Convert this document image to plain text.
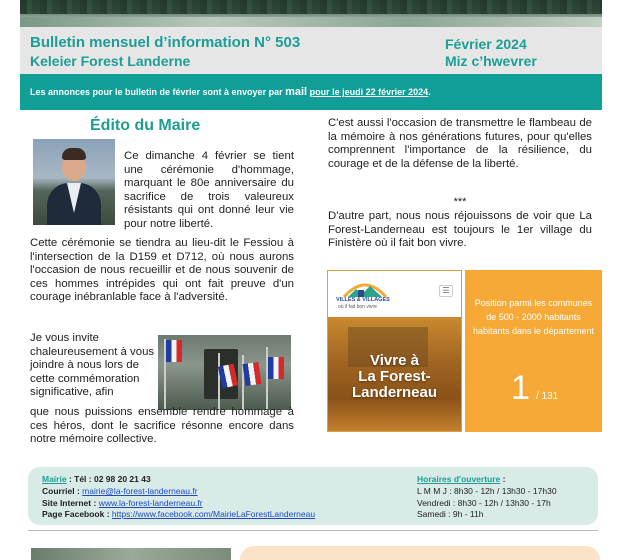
Bulletin mensuel d’information N° 503
Keleier Forest Landerne
Février 2024
Miz c’hwevrer
Les annonces pour le bulletin de février sont à envoyer par mail pour le jeudi 22 février 2024.
Édito du Maire
Ce dimanche 4 février se tient une cérémonie d'hommage, marquant le 80e anniversaire du sacrifice de trois valeureux résistants qui ont donné leur vie pour notre liberté.
Cette cérémonie se tiendra au lieu-dit le Fessiou à l'intersection de la D159 et D712, où nous aurons l'occasion de nous recueillir et de nous souvenir de ces hommes intrépides qui ont fait preuve d'un courage inébranlable face à l'adversité.
Je vous invite chaleureusement à vous joindre à nous lors de cette commémoration significative, afin
que nous puissions ensemble rendre hommage à ces héros, dont le sacrifice résonne encore dans notre mémoire collective.
C'est aussi l'occasion de transmettre le flambeau de la mémoire à nos générations futures, pour qu'elles comprennent l'importance de la résilience, du courage et de la défense de la liberté.
***
D'autre part, nous nous réjouissons de voir que La Forest-Landerneau est toujours le 1er village du Finistère où il fait bon vivre.
VILLES & VILLAGES
où il fait bon vivre
☰
Vivre à
La Forest-
Landerneau
Position parmi les communes de 500 - 2000 habitants habitants dans le département
1 / 131
Mairie : Tél : 02 98 20 21 43
Courriel : mairie@la-forest-landerneau.fr
Site Internet : www.la-forest-landerneau.fr
Page Facebook : https://www.facebook.com/MairieLaForestLanderneau
Horaires d'ouverture :
L M M J : 8h30 - 12h / 13h30 - 17h30
Vendredi : 8h30 - 12h / 13h30 - 17h
Samedi : 9h - 11h
